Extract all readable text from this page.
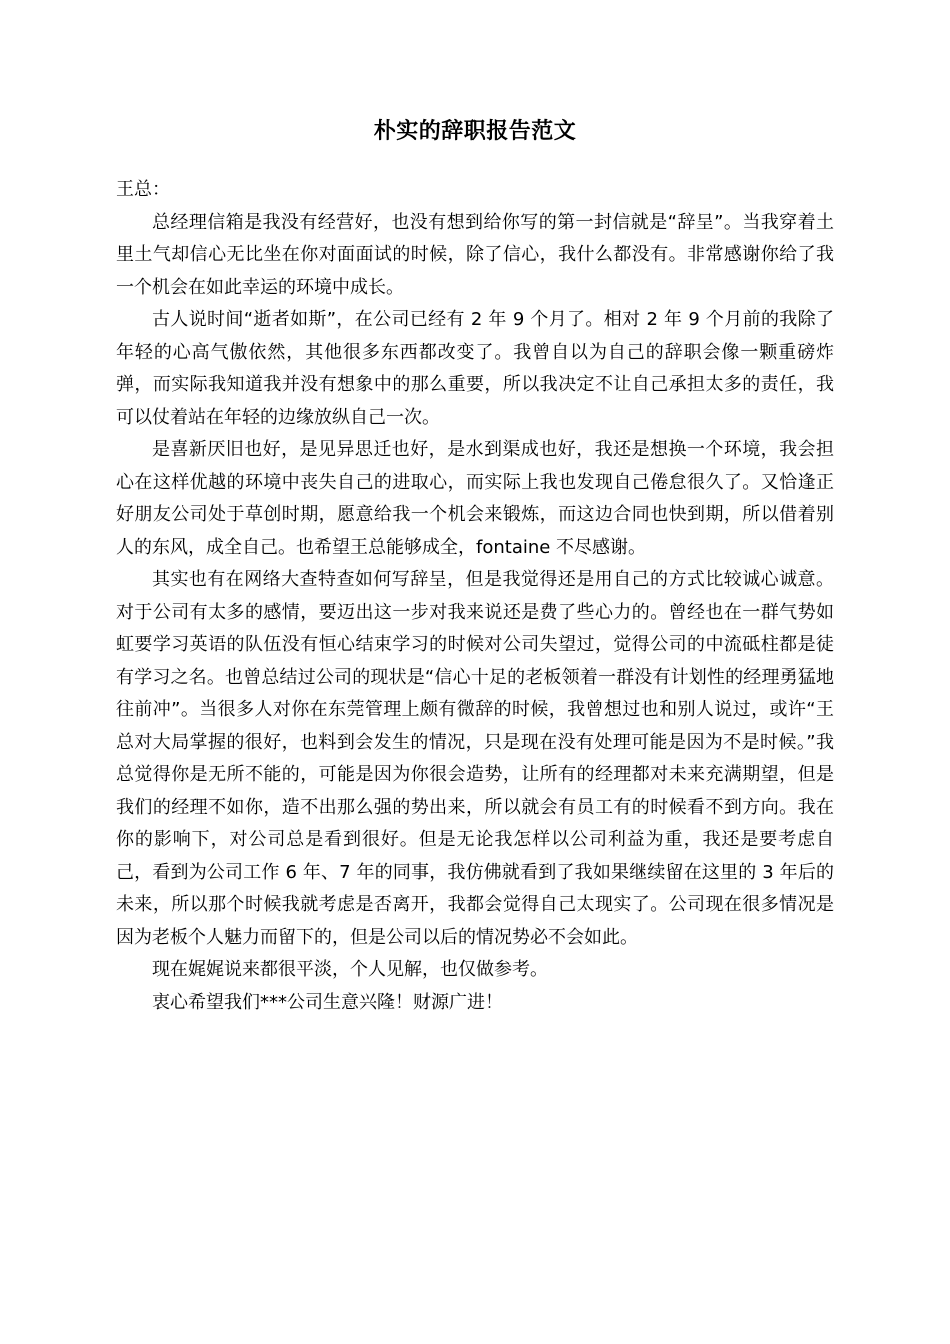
朴实的辞职报告范文

王总：

总经理信箱是我没有经营好，也没有想到给你写的第一封信就是“辞呈”。当我穿着土里土气却信心无比坐在你对面面试的时候，除了信心，我什么都没有。非常感谢你给了我一个机会在如此幸运的环境中成长。

古人说时间“逝者如斯”，在公司已经有 2 年 9 个月了。相对 2 年 9 个月前的我除了年轻的心高气傲依然，其他很多东西都改变了。我曾自以为自己的辞职会像一颗重磅炸弹，而实际我知道我并没有想象中的那么重要，所以我决定不让自己承担太多的责任，我可以仗着站在年轻的边缘放纵自己一次。

是喜新厌旧也好，是见异思迁也好，是水到渠成也好，我还是想换一个环境，我会担心在这样优越的环境中丧失自己的进取心，而实际上我也发现自己倦怠很久了。又恰逢正好朋友公司处于草创时期，愿意给我一个机会来锻炼，而这边合同也快到期，所以借着别人的东风，成全自己。也希望王总能够成全，fontaine 不尽感谢。

其实也有在网络大查特查如何写辞呈，但是我觉得还是用自己的方式比较诚心诚意。对于公司有太多的感情，要迈出这一步对我来说还是费了些心力的。曾经也在一群气势如虹要学习英语的队伍没有恒心结束学习的时候对公司失望过，觉得公司的中流砥柱都是徒有学习之名。也曾总结过公司的现状是“信心十足的老板领着一群没有计划性的经理勇猛地往前冲”。当很多人对你在东莞管理上颇有微辞的时候，我曾想过也和别人说过，或许“王总对大局掌握的很好，也料到会发生的情况，只是现在没有处理可能是因为不是时候。”我总觉得你是无所不能的，可能是因为你很会造势，让所有的经理都对未来充满期望，但是我们的经理不如你，造不出那么强的势出来，所以就会有员工有的时候看不到方向。我在你的影响下，对公司总是看到很好。但是无论我怎样以公司利益为重，我还是要考虑自己，看到为公司工作 6 年、7 年的同事，我仿佛就看到了我如果继续留在这里的 3 年后的未来，所以那个时候我就考虑是否离开，我都会觉得自己太现实了。公司现在很多情况是因为老板个人魅力而留下的，但是公司以后的情况势必不会如此。

现在娓娓说来都很平淡，个人见解，也仅做参考。

衷心希望我们***公司生意兴隆！财源广进！
